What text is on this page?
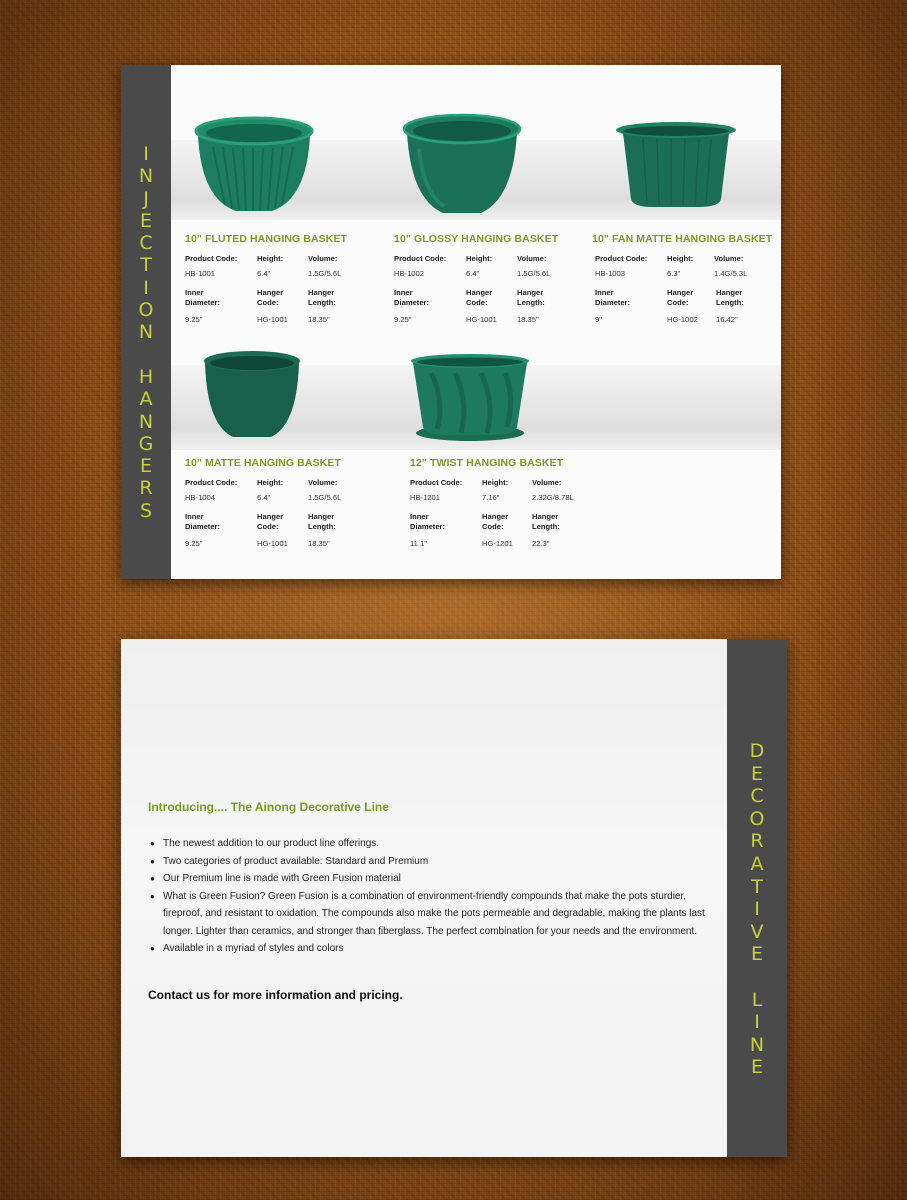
I
N
J
E
C
T
I
O
N

H
A
N
G
E
R
S
10" FLUTED HANGING BASKET
Product Code:	Height:	Volume:
HB-1001	6.4"	1.5G/5.6L
Inner
Diameter:
Hanger
Code:
Hanger
Length:
9.25"	HG-1001	18.35"
10" GLOSSY HANGING BASKET
Product Code:	Height:	Volume:
HB-1002	6.4"	1.5G/5.6L
Inner
Diameter:
Hanger
Code:
Hanger
Length:
9.25"	HG-1001	18.35"
10" FAN MATTE HANGING BASKET
Product Code:	Height:	Volume:
HB-1003	6.3"	1.4G/5.3L
Inner
Diameter:
Hanger
Code:
Hanger
Length:
9"	HG-1002 16.42"
10" MATTE HANGING BASKET
Product Code:	Height:	Volume:
HB-1004	6.4"	1.5G/5.6L
Inner
Diameter:
Hanger
Code:
Hanger
Length:
9.25"	HG-1001	18.35"
12" TWIST HANGING BASKET
Product Code:	Height:	Volume:
HB-1201	7.16"	2.32G/8.78L
Inner
Diameter:
Hanger
Code:
Hanger
Length:
11.1"	HG-1201	22.3"
D
E
C
O
R
A
T
I
V
E

L
I
N
E
Introducing.... The Ainong Decorative Line
● The newest addition to our product line offerings.
● Two categories of product available: Standard and Premium
● Our Premium line is made with Green Fusion material
● What is Green Fusion? Green Fusion is a combination of environment-friendly compounds that make the pots sturdier, fireproof, and resistant to oxidation. The compounds also make the pots permeable and degradable, making the plants last longer. Lighter than ceramics, and stronger than fiberglass. The perfect combination for your needs and the environment.
● Available in a myriad of styles and colors
Contact us for more information and pricing.
